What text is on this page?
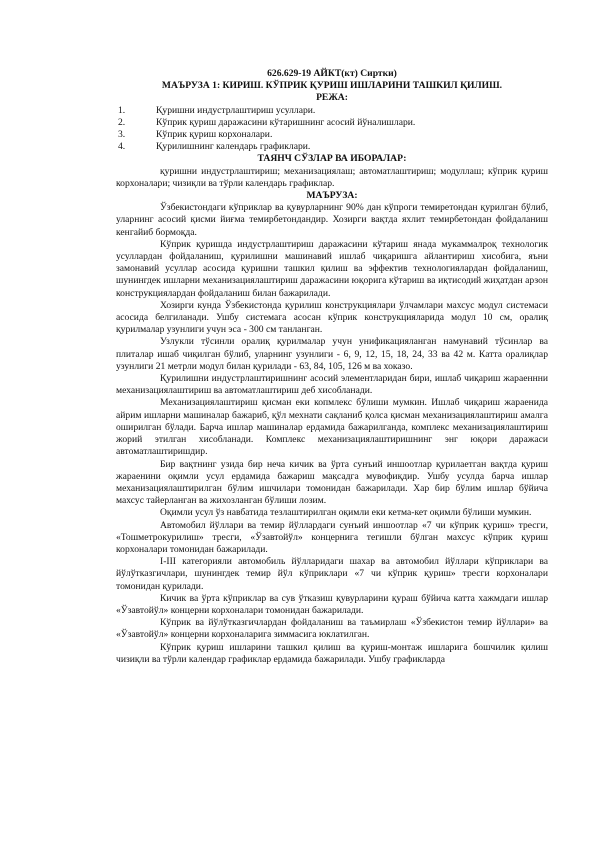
626.629-19 АЙКТ(кт) Сиртки)
МАЪРУЗА 1: КИРИШ. КЎПРИК ҚУРИШ ИШЛАРИНИ ТАШКИЛ ҚИЛИШ.
РЕЖА:
1.	Қуришни индустрлаштириш усуллари.
2.	Кўприк қуриш даражасини кўтаришнинг асосий йўналишлари.
3.	Кўприк қуриш корхоналари.
4.	Қурилишнинг календарь графиклари.
ТАЯНЧ СЎЗЛАР ВА ИБОРАЛАР:

қуришни индустрлаштириш; механизациялаш; автоматлаштириш; модуллаш; кўприк қуриш корхоналари; чизиқли ва тўрли календарь графиклар.

МАЪРУЗА:

Ўзбекистондаги кўприклар ва қувурларнинг 90% дан кўпроги темиретондан қурилган бўлиб, уларнинг асосий қисми йиғма темирбетондандир. Хозирги вақтда яхлит темирбетондан фойдаланиш кенгайиб бормоқда.

Кўприк қуришда индустрлаштириш даражасини кўтариш янада мукаммалроқ технологик усуллардан фойдаланиш, қурилишни машинавий ишлаб чиқаришга айлантириш хисобига, яъни замонавий усуллар асосида қуришни ташкил қилиш ва эффектив технологиялардан фойдаланиш, шунингдек ишларни механизациялаштириш даражасини юқорига кўтариш ва иқтисодий жиҳатдан арзон конструкциялардан фойдаланиш билан бажарилади.

Хозирги кунда Ўзбекистонда қурилиш конструкциялари ўлчамлари махсус модул системаси асосида белгиланади. Ушбу системага асосан кўприк конструкцияларида модул 10 см, оралиқ қурилмалар узунлиги учун эса - 300 см танланган.

Узлукли тўсинли оралиқ қурилмалар учун унификацияланган намунавий тўсинлар ва плиталар ишаб чиқилган бўлиб, уларнинг узунлиги - 6, 9, 12, 15, 18, 24, 33 ва 42 м. Катта оралиқлар узунлиги 21 метрли модул билан қурилади - 63, 84, 105, 126 м ва хоказо.

Қурилишни индустрлаштиришнинг асосий элементларидан бири, ишлаб чиқариш жараеннни механизациялаштириш ва автоматлаштириш деб хисобланади.

Механизациялаштириш қисман еки копмлекс бўлиши мумкин. Ишлаб чиқариш жараенида айрим ишларни машиналар бажариб, қўл мехнати сақланиб қолса қисман механизациялаштириш амалга оширилган бўлади. Барча ишлар машиналар ердамида бажарилганда, комплекс механизациялаштириш жорий этилган хисобланади. Комплекс механизациялаштиришнинг энг юқори даражаси автоматлаштиришдир.

Бир вақтнинг узида бир неча кичик ва ўрта сунъий иншоотлар қурилаетган вақтда қуриш жараенини оқимли усул ердамида бажариш мақсадга мувофиқдир. Ушбу усулда барча ишлар механизациялаштирилган бўлим ишчилари томонидан бажарилади. Хар бир бўлим ишлар бўйича махсус тайерланган ва жихозланган бўлиши лозим.

Оқимли усул ўз навбатида тезлаштирилган оқимли еки кетма-кет оқимли бўлиши мумкин.

Автомобил йўллари ва темир йўллардаги сунъий иншоотлар «7 чи кўприк қуриш» тресги, «Тошметрокурилиш» тресги, «Ўзавтойўл» концернига тегишли бўлган махсус кўприк қуриш корхоналари томонидан бажарилади.

I-III категорияли автомобиль йўлларидаги шахар ва автомобил йўллари кўприклари ва йўлўтказгичлари, шунингдек темир йўл кўприклари «7 чи кўприк қуриш» тресги корхоналари томонидан қурилади.

Кичик ва ўрта кўприклар ва сув ўтказиш қувурларини қураш бўйича катта хажмдаги ишлар «Ўзавтойўл» концерни корхоналари томонидан бажарилади.

Кўприк ва йўлўтказгичлардан фойдаланиш ва таъмирлаш «Ўзбекистон темир йўллари» ва «Ўзавтойўл» концерни корхоналарига зиммасига юклатилган.

Кўприк қуриш ишларини ташкил қилиш ва қуриш-монтаж ишларига бошчилик қилиш чизиқли ва тўрли календар графиклар ердамида бажарилади. Ушбу графикларда
